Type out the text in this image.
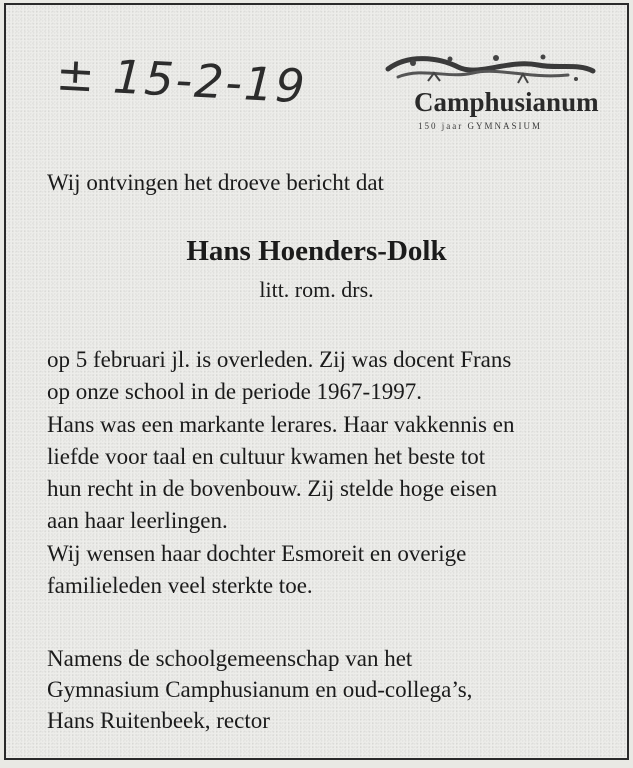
± 15-2-19	Camphusianum
150 jaar GYMNASIUM
Wij ontvingen het droeve bericht dat
Hans Hoenders-Dolk
litt. rom. drs.
op 5 februari jl. is overleden. Zij was docent Frans
op onze school in de periode 1967-1997.
Hans was een markante lerares. Haar vakkennis en
liefde voor taal en cultuur kwamen het beste tot
hun recht in de bovenbouw. Zij stelde hoge eisen
aan haar leerlingen.
Wij wensen haar dochter Esmoreit en overige
familieleden veel sterkte toe.
Namens de schoolgemeenschap van het
Gymnasium Camphusianum en oud-collega’s,
Hans Ruitenbeek, rector
